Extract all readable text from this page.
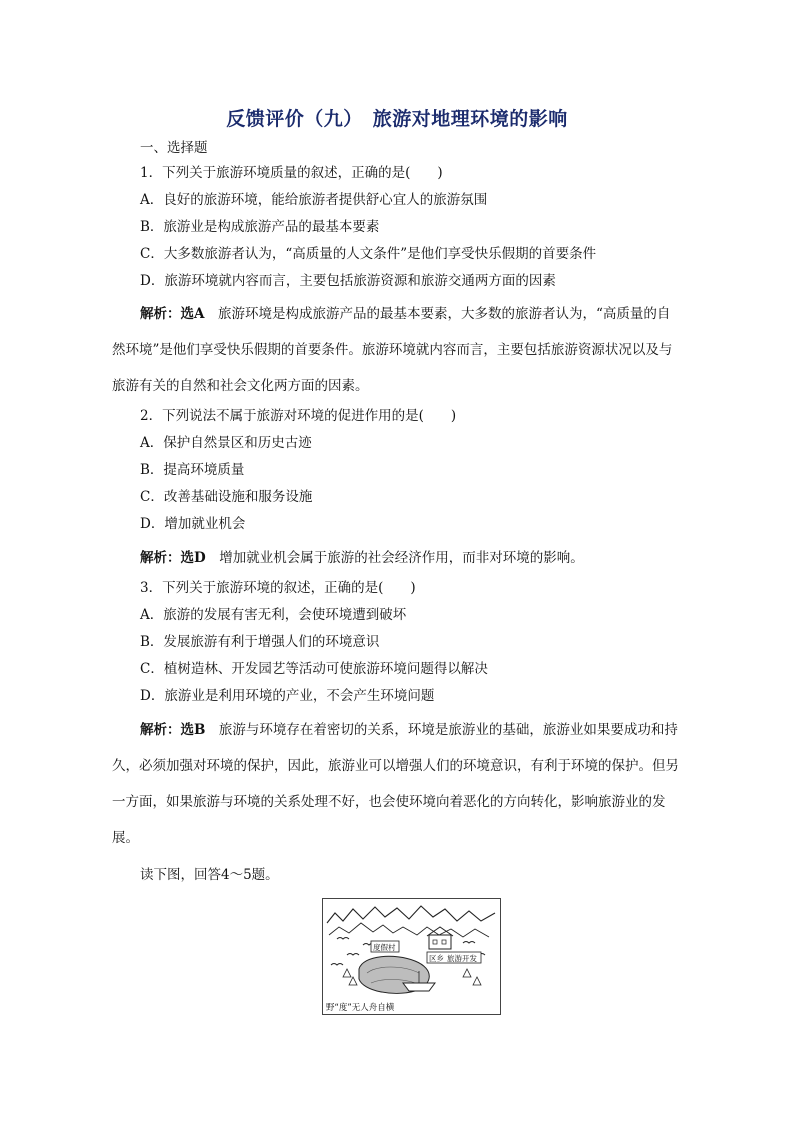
反馈评价（九）　旅游对地理环境的影响
一、选择题
1．下列关于旅游环境质量的叙述，正确的是(　　)
A．良好的旅游环境，能给旅游者提供舒心宜人的旅游氛围
B．旅游业是构成旅游产品的最基本要素
C．大多数旅游者认为，“高质量的人文条件”是他们享受快乐假期的首要条件
D．旅游环境就内容而言，主要包括旅游资源和旅游交通两方面的因素
解析：选A　旅游环境是构成旅游产品的最基本要素，大多数的旅游者认为，“高质量的自然环境”是他们享受快乐假期的首要条件。旅游环境就内容而言，主要包括旅游资源状况以及与旅游有关的自然和社会文化两方面的因素。
2．下列说法不属于旅游对环境的促进作用的是(　　)
A．保护自然景区和历史古迹
B．提高环境质量
C．改善基础设施和服务设施
D．增加就业机会
解析：选D　增加就业机会属于旅游的社会经济作用，而非对环境的影响。
3．下列关于旅游环境的叙述，正确的是(　　)
A．旅游的发展有害无利，会使环境遭到破坏
B．发展旅游有利于增强人们的环境意识
C．植树造林、开发园艺等活动可使旅游环境问题得以解决
D．旅游业是利用环境的产业，不会产生环境问题
解析：选B　旅游与环境存在着密切的关系，环境是旅游业的基础，旅游业如果要成功和持久，必须加强对环境的保护，因此，旅游业可以增强人们的环境意识，有利于环境的保护。但另一方面，如果旅游与环境的关系处理不好，也会使环境向着恶化的方向转化，影响旅游业的发展。
读下图，回答4～5题。
度假村
区乡 旅游开发
野“度”无人舟自横
